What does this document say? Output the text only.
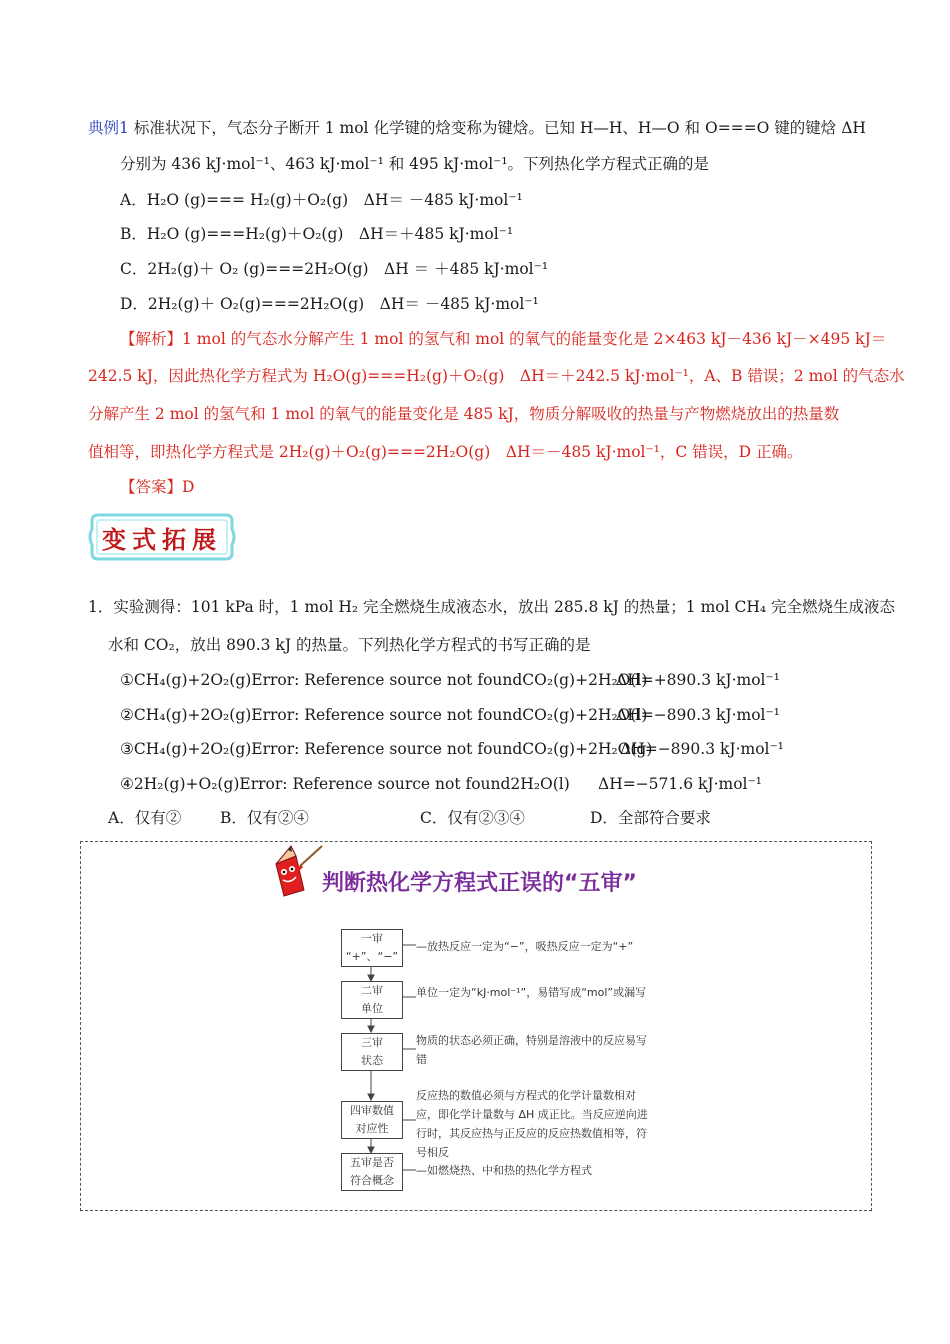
典例1 标准状况下，气态分子断开 1 mol 化学键的焓变称为键焓。已知 H—H、H—O 和 O===O 键的键焓 ΔH
分别为 436 kJ·mol⁻¹、463 kJ·mol⁻¹ 和 495 kJ·mol⁻¹。下列热化学方程式正确的是
A．H₂O (g)=== H₂(g)＋O₂(g)　ΔH＝ －485 kJ·mol⁻¹
B．H₂O (g)===H₂(g)＋O₂(g)　ΔH＝＋485 kJ·mol⁻¹
C．2H₂(g)＋ O₂ (g)===2H₂O(g)　ΔH ＝ ＋485 kJ·mol⁻¹
D．2H₂(g)＋ O₂(g)===2H₂O(g)　ΔH＝ －485 kJ·mol⁻¹
【解析】1 mol 的气态水分解产生 1 mol 的氢气和 mol 的氧气的能量变化是 2×463 kJ－436 kJ－×495 kJ＝
242.5 kJ，因此热化学方程式为 H₂O(g)===H₂(g)＋O₂(g)　ΔH＝＋242.5 kJ·mol⁻¹，A、B 错误；2 mol 的气态水
分解产生 2 mol 的氢气和 1 mol 的氧气的能量变化是 485 kJ，物质分解吸收的热量与产物燃烧放出的热量数
值相等，即热化学方程式是 2H₂(g)＋O₂(g)===2H₂O(g)　ΔH＝－485 kJ·mol⁻¹，C 错误，D 正确。
【答案】D
变式拓展
1．实验测得：101 kPa 时，1 mol H₂ 完全燃烧生成液态水，放出 285.8 kJ 的热量；1 mol CH₄ 完全燃烧生成液态
水和 CO₂，放出 890.3 kJ 的热量。下列热化学方程式的书写正确的是
①CH₄(g)+2O₂(g)Error: Reference source not foundCO₂(g)+2H₂O(l)
ΔH=+890.3 kJ·mol⁻¹
②CH₄(g)+2O₂(g)Error: Reference source not foundCO₂(g)+2H₂O(l)
ΔH=−890.3 kJ·mol⁻¹
③CH₄(g)+2O₂(g)Error: Reference source not foundCO₂(g)+2H₂O(g)
ΔH=−890.3 kJ·mol⁻¹
④2H₂(g)+O₂(g)Error: Reference source not found2H₂O(l) ΔH=−571.6 kJ·mol⁻¹
A．仅有②	B．仅有②④	C．仅有②③④	D．全部符合要求
判断热化学方程式正误的“五审”
一审
“+”、“−”
—放热反应一定为“−”，吸热反应一定为“+”
二审
单位
单位一定为“kJ·mol⁻¹”，易错写成“mol”或漏写
三审
状态
物质的状态必须正确，特别是溶液中的反应易写错
四审数值
对应性
反应热的数值必须与方程式的化学计量数相对应，即化学计量数与 ΔH 成正比。当反应逆向进行时，其反应热与正反应的反应热数值相等，符号相反
五审是否
符合概念
—如燃烧热、中和热的热化学方程式
